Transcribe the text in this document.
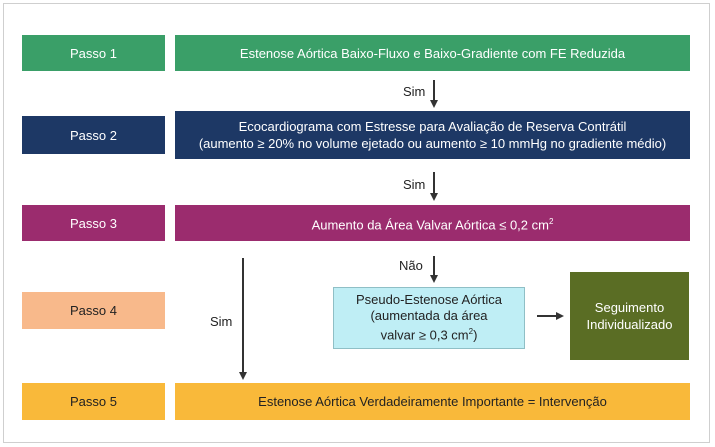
Passo 1
Passo 2
Passo 3
Passo 4
Passo 5
Estenose Aórtica Baixo-Fluxo e Baixo-Gradiente com FE Reduzida
Ecocardiograma com Estresse para Avaliação de Reserva Contrátil
(aumento ≥ 20% no volume ejetado ou aumento ≥ 10 mmHg no gradiente médio)
Aumento da Área Valvar Aórtica ≤ 0,2 $cm^2$
Pseudo-Estenose Aórtica
(aumentada da área
valvar ≥ 0,3 $cm^2$)
Seguimento
Individualizado
Estenose Aórtica Verdadeiramente Importante = Intervenção
Sim
Sim
Não
Sim
